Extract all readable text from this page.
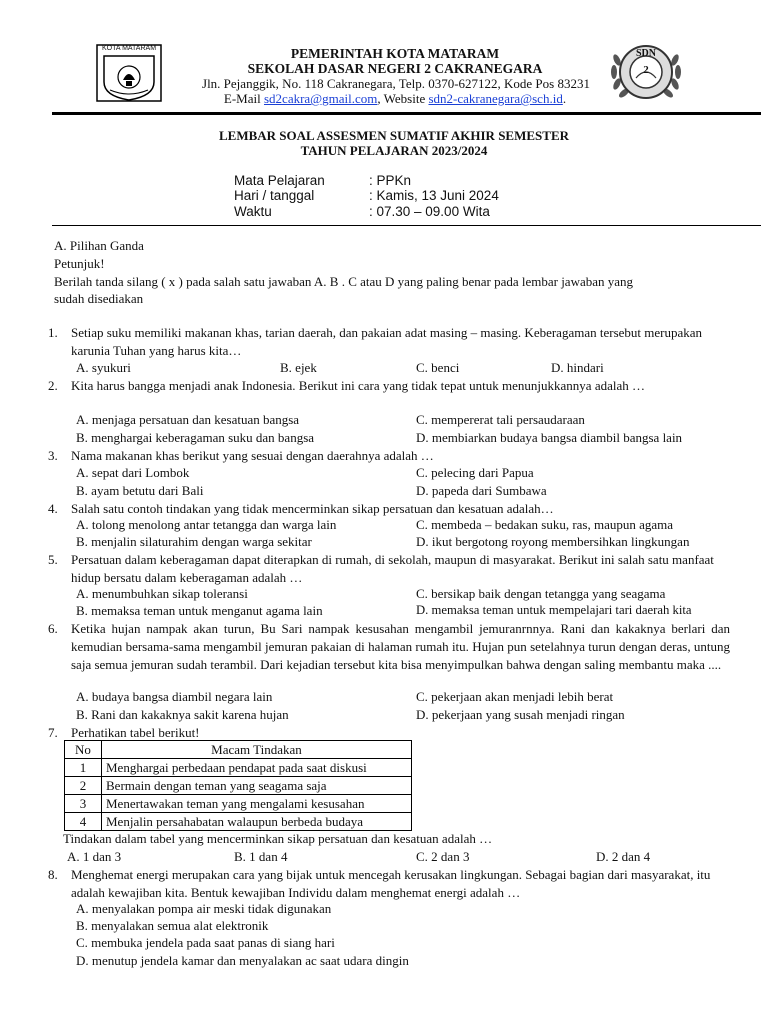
KOTA MATARAM	SDN
2
PEMERINTAH KOTA MATARAM
SEKOLAH DASAR NEGERI 2 CAKRANEGARA
Jln. Pejanggik, No. 118 Cakranegara, Telp. 0370-627122, Kode Pos 83231
E-Mail sd2cakra@gmail.com, Website sdn2-cakranegara@sch.id.
LEMBAR SOAL ASSESMEN SUMATIF AKHIR SEMESTER
TAHUN PELAJARAN 2023/2024
Mata Pelajaran	: PPKn
Hari / tanggal	: Kamis, 13 Juni 2024
Waktu	: 07.30 – 09.00 Wita
A. Pilihan Ganda
Petunjuk!
Berilah tanda silang ( x ) pada salah satu jawaban A. B . C atau D yang paling benar pada lembar jawaban yang
sudah disediakan
1. Setiap suku memiliki makanan khas, tarian daerah, dan pakaian adat masing – masing. Keberagaman tersebut merupakan karunia Tuhan yang harus kita…
A. syukuri	B. ejek	C. benci	D. hindari
2. Kita harus bangga menjadi anak Indonesia. Berikut ini cara yang tidak tepat untuk menunjukkannya adalah …
A. menjaga persatuan dan kesatuan bangsa	C. mempererat tali persaudaraan
B. menghargai keberagaman suku dan bangsa	D. membiarkan budaya bangsa diambil bangsa lain
3. Nama makanan khas berikut yang sesuai dengan daerahnya adalah …
A. sepat dari Lombok	C. pelecing dari Papua
B. ayam betutu dari Bali	D. papeda dari Sumbawa
4. Salah satu contoh tindakan yang tidak mencerminkan sikap persatuan dan kesatuan adalah…
A. tolong menolong antar tetangga dan warga lain	C. membeda – bedakan suku, ras, maupun agama
B. menjalin silaturahim dengan warga sekitar	D. ikut bergotong royong membersihkan lingkungan
5. Persatuan dalam keberagaman dapat diterapkan di rumah, di sekolah, maupun di masyarakat. Berikut ini salah satu manfaat hidup bersatu dalam keberagaman adalah …
A. menumbuhkan sikap toleransi	C. bersikap baik dengan tetangga yang seagama
B. memaksa teman untuk menganut agama lain	D. memaksa teman untuk mempelajari tari daerah kita
6. Ketika hujan nampak akan turun, Bu Sari nampak kesusahan mengambil jemuranrnnya. Rani dan kakaknya berlari dan kemudian bersama-sama mengambil jemuran pakaian di halaman rumah itu. Hujan pun setelahnya turun dengan deras, untung saja semua jemuran sudah terambil. Dari kejadian tersebut kita bisa menyimpulkan bahwa dengan saling membantu maka ....
A. budaya bangsa diambil negara lain	C. pekerjaan akan menjadi lebih berat
B. Rani dan kakaknya sakit karena hujan	D. pekerjaan yang susah menjadi ringan
7. Perhatikan tabel berikut!
No	Macam Tindakan
1	Menghargai perbedaan pendapat pada saat diskusi
2	Bermain dengan teman yang seagama saja
3	Menertawakan teman yang mengalami kesusahan
4	Menjalin persahabatan walaupun berbeda budaya
Tindakan dalam tabel yang mencerminkan sikap persatuan dan kesatuan adalah …
A. 1 dan 3	B. 1 dan 4	C. 2 dan 3	D. 2 dan 4
8. Menghemat energi merupakan cara yang bijak untuk mencegah kerusakan lingkungan. Sebagai bagian dari masyarakat, itu adalah kewajiban kita. Bentuk kewajiban Individu dalam menghemat energi adalah …
A. menyalakan pompa air meski tidak digunakan
B. menyalakan semua alat elektronik
C. membuka jendela pada saat panas di siang hari
D. menutup jendela kamar dan menyalakan ac saat udara dingin
